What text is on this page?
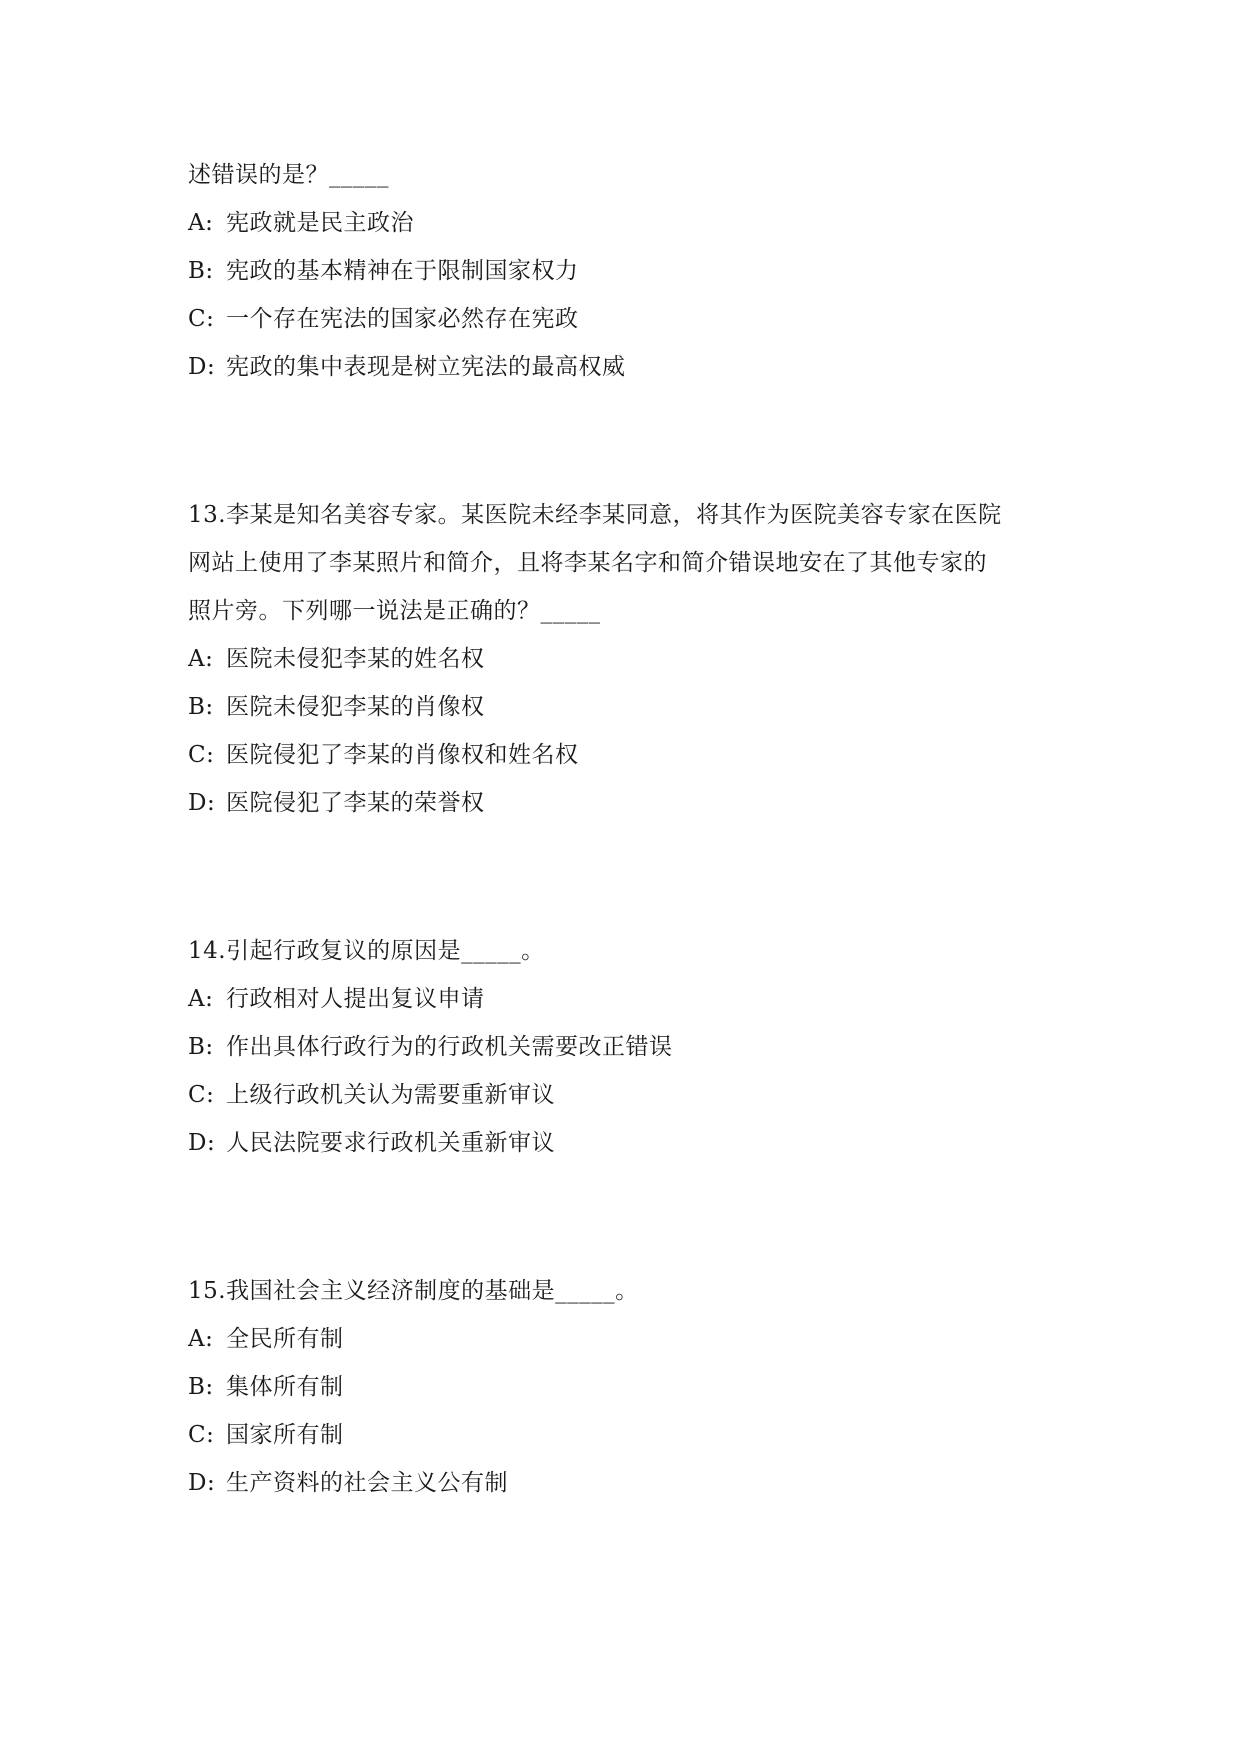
述错误的是？_____
A: 宪政就是民主政治
B: 宪政的基本精神在于限制国家权力
C: 一个存在宪法的国家必然存在宪政
D: 宪政的集中表现是树立宪法的最高权威
13.李某是知名美容专家。某医院未经李某同意，将其作为医院美容专家在医院
网站上使用了李某照片和简介，且将李某名字和简介错误地安在了其他专家的
照片旁。下列哪一说法是正确的？_____
A: 医院未侵犯李某的姓名权
B: 医院未侵犯李某的肖像权
C: 医院侵犯了李某的肖像权和姓名权
D: 医院侵犯了李某的荣誉权
14.引起行政复议的原因是_____。
A: 行政相对人提出复议申请
B: 作出具体行政行为的行政机关需要改正错误
C: 上级行政机关认为需要重新审议
D: 人民法院要求行政机关重新审议
15.我国社会主义经济制度的基础是_____。
A: 全民所有制
B: 集体所有制
C: 国家所有制
D: 生产资料的社会主义公有制
